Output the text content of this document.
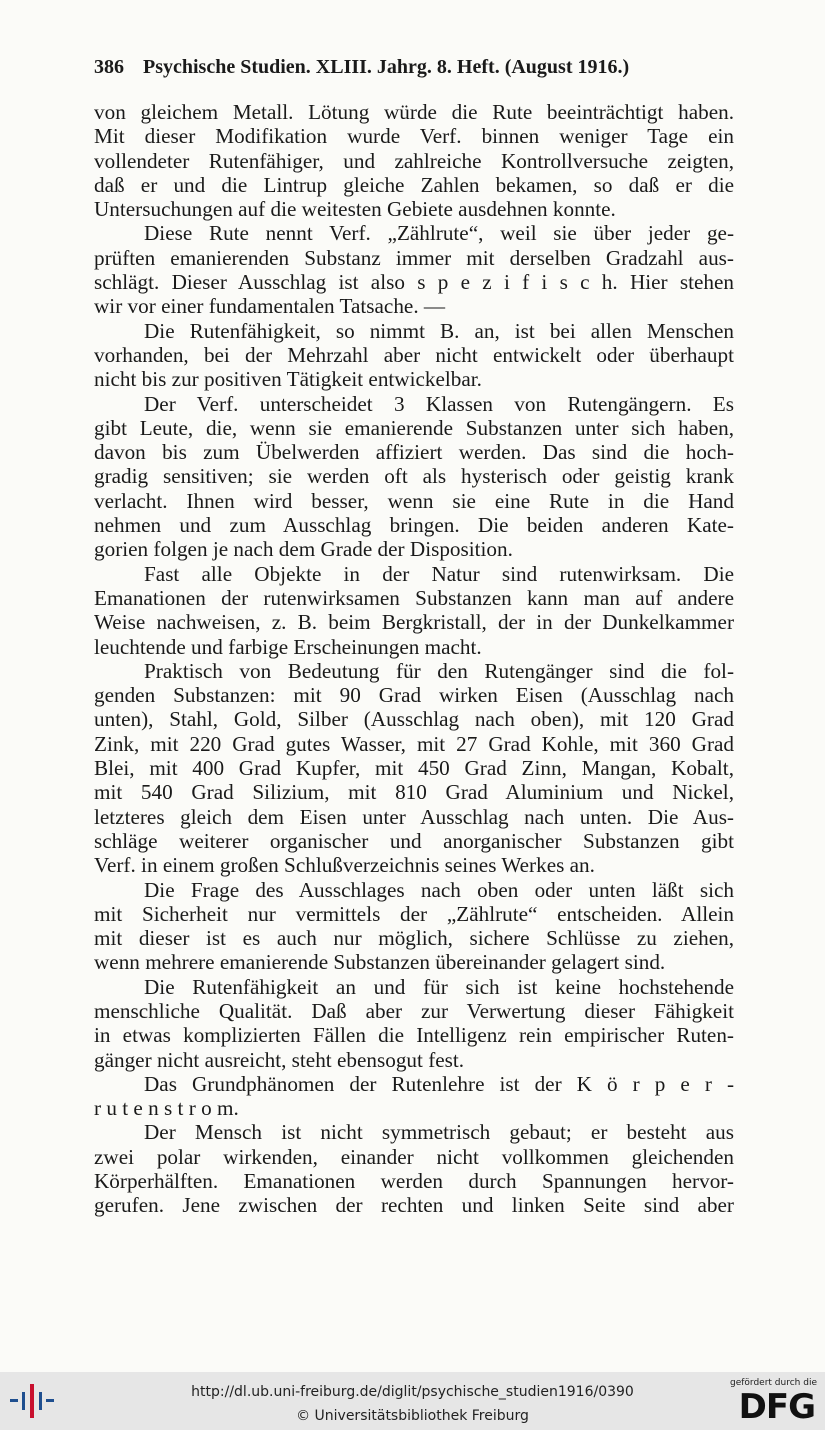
386 Psychische Studien. XLIII. Jahrg. 8. Heft. (August 1916.)
von gleichem Metall. Lötung würde die Rute beeinträchtigt haben.
Mit dieser Modifikation wurde Verf. binnen weniger Tage ein
vollendeter Rutenfähiger, und zahlreiche Kontrollversuche zeigten,
daß er und die Lintrup gleiche Zahlen bekamen, so daß er die
Untersuchungen auf die weitesten Gebiete ausdehnen konnte.
Diese Rute nennt Verf. „Zählrute“, weil sie über jeder ge-
prüften emanierenden Substanz immer mit derselben Gradzahl aus-
schlägt. Dieser Ausschlag ist also s p e z i f i s c h. Hier stehen
wir vor einer fundamentalen Tatsache. —
Die Rutenfähigkeit, so nimmt B. an, ist bei allen Menschen
vorhanden, bei der Mehrzahl aber nicht entwickelt oder überhaupt
nicht bis zur positiven Tätigkeit entwickelbar.
Der Verf. unterscheidet 3 Klassen von Rutengängern. Es
gibt Leute, die, wenn sie emanierende Substanzen unter sich haben,
davon bis zum Übelwerden affiziert werden. Das sind die hoch-
gradig sensitiven; sie werden oft als hysterisch oder geistig krank
verlacht. Ihnen wird besser, wenn sie eine Rute in die Hand
nehmen und zum Ausschlag bringen. Die beiden anderen Kate-
gorien folgen je nach dem Grade der Disposition.
Fast alle Objekte in der Natur sind rutenwirksam. Die
Emanationen der rutenwirksamen Substanzen kann man auf andere
Weise nachweisen, z. B. beim Bergkristall, der in der Dunkelkammer
leuchtende und farbige Erscheinungen macht.
Praktisch von Bedeutung für den Rutengänger sind die fol-
genden Substanzen: mit 90 Grad wirken Eisen (Ausschlag nach
unten), Stahl, Gold, Silber (Ausschlag nach oben), mit 120 Grad
Zink, mit 220 Grad gutes Wasser, mit 27 Grad Kohle, mit 360 Grad
Blei, mit 400 Grad Kupfer, mit 450 Grad Zinn, Mangan, Kobalt,
mit 540 Grad Silizium, mit 810 Grad Aluminium und Nickel,
letzteres gleich dem Eisen unter Ausschlag nach unten. Die Aus-
schläge weiterer organischer und anorganischer Substanzen gibt
Verf. in einem großen Schlußverzeichnis seines Werkes an.
Die Frage des Ausschlages nach oben oder unten läßt sich
mit Sicherheit nur vermittels der „Zählrute“ entscheiden. Allein
mit dieser ist es auch nur möglich, sichere Schlüsse zu ziehen,
wenn mehrere emanierende Substanzen übereinander gelagert sind.
Die Rutenfähigkeit an und für sich ist keine hochstehende
menschliche Qualität. Daß aber zur Verwertung dieser Fähigkeit
in etwas komplizierten Fällen die Intelligenz rein empirischer Ruten-
gänger nicht ausreicht, steht ebensogut fest.
Das Grundphänomen der Rutenlehre ist der K ö r p e r -
r u t e n s t r o m.
Der Mensch ist nicht symmetrisch gebaut; er besteht aus
zwei polar wirkenden, einander nicht vollkommen gleichenden
Körperhälften. Emanationen werden durch Spannungen hervor-
gerufen. Jene zwischen der rechten und linken Seite sind aber
http://dl.ub.uni-freiburg.de/diglit/psychische_studien1916/0390
© Universitätsbibliothek Freiburg
gefördert durch die
DFG
